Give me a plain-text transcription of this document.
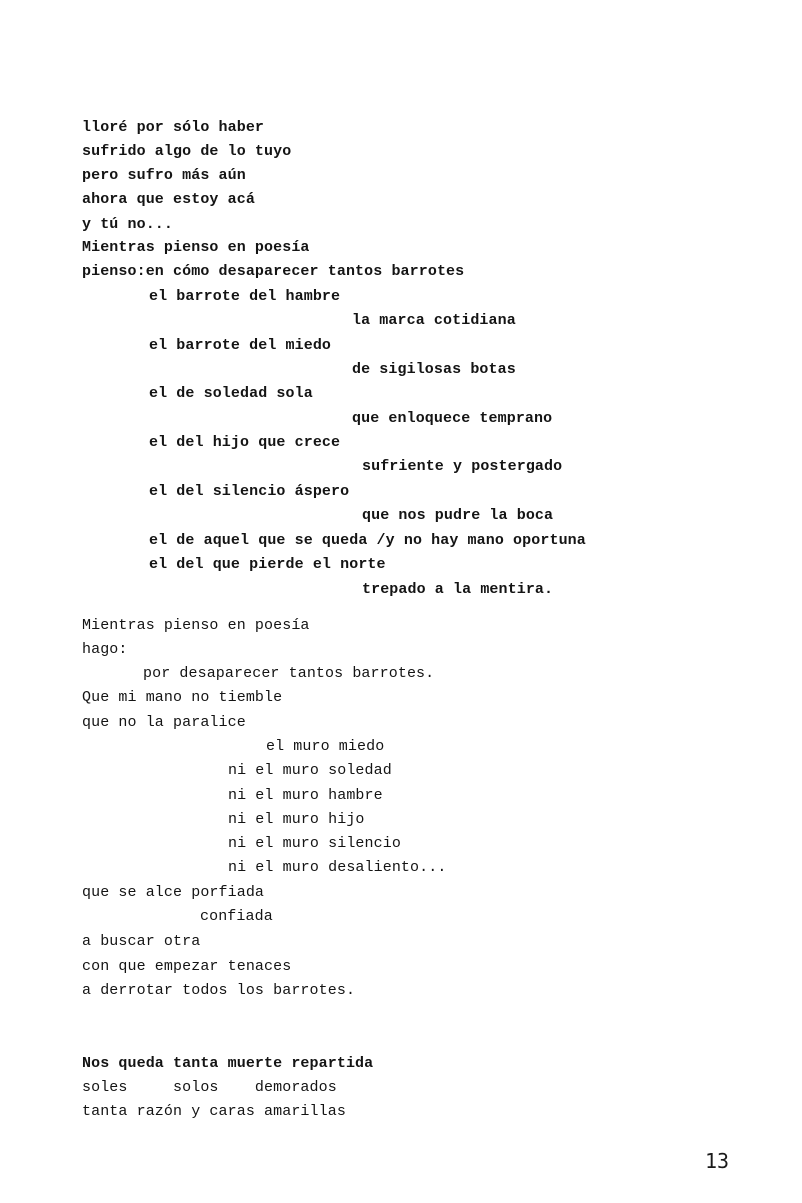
lloré por sólo haber
sufrido algo de lo tuyo
pero sufro más aún
ahora que estoy acá
y tú no...
Mientras pienso en poesía
pienso:en cómo desaparecer tantos barrotes
el barrote del hambre
la marca cotidiana
el barrote del miedo
de sigilosas botas
el de soledad sola
que enloquece temprano
el del hijo que crece
sufriente y postergado
el del silencio áspero
que nos pudre la boca
el de aquel que se queda /y no hay mano oportuna
el del que pierde el norte
trepado a la mentira.
Mientras pienso en poesía
hago:
por desaparecer tantos barrotes.
Que mi mano no tiemble
que no la paralice
el muro miedo
ni el muro soledad
ni el muro hambre
ni el muro hijo
ni el muro silencio
ni el muro desaliento...
que se alce porfiada
confiada
a buscar otra
con que empezar tenaces
a derrotar todos los barrotes.
Nos queda tanta muerte repartida
soles     solos    demorados
tanta razón y caras amarillas
13
